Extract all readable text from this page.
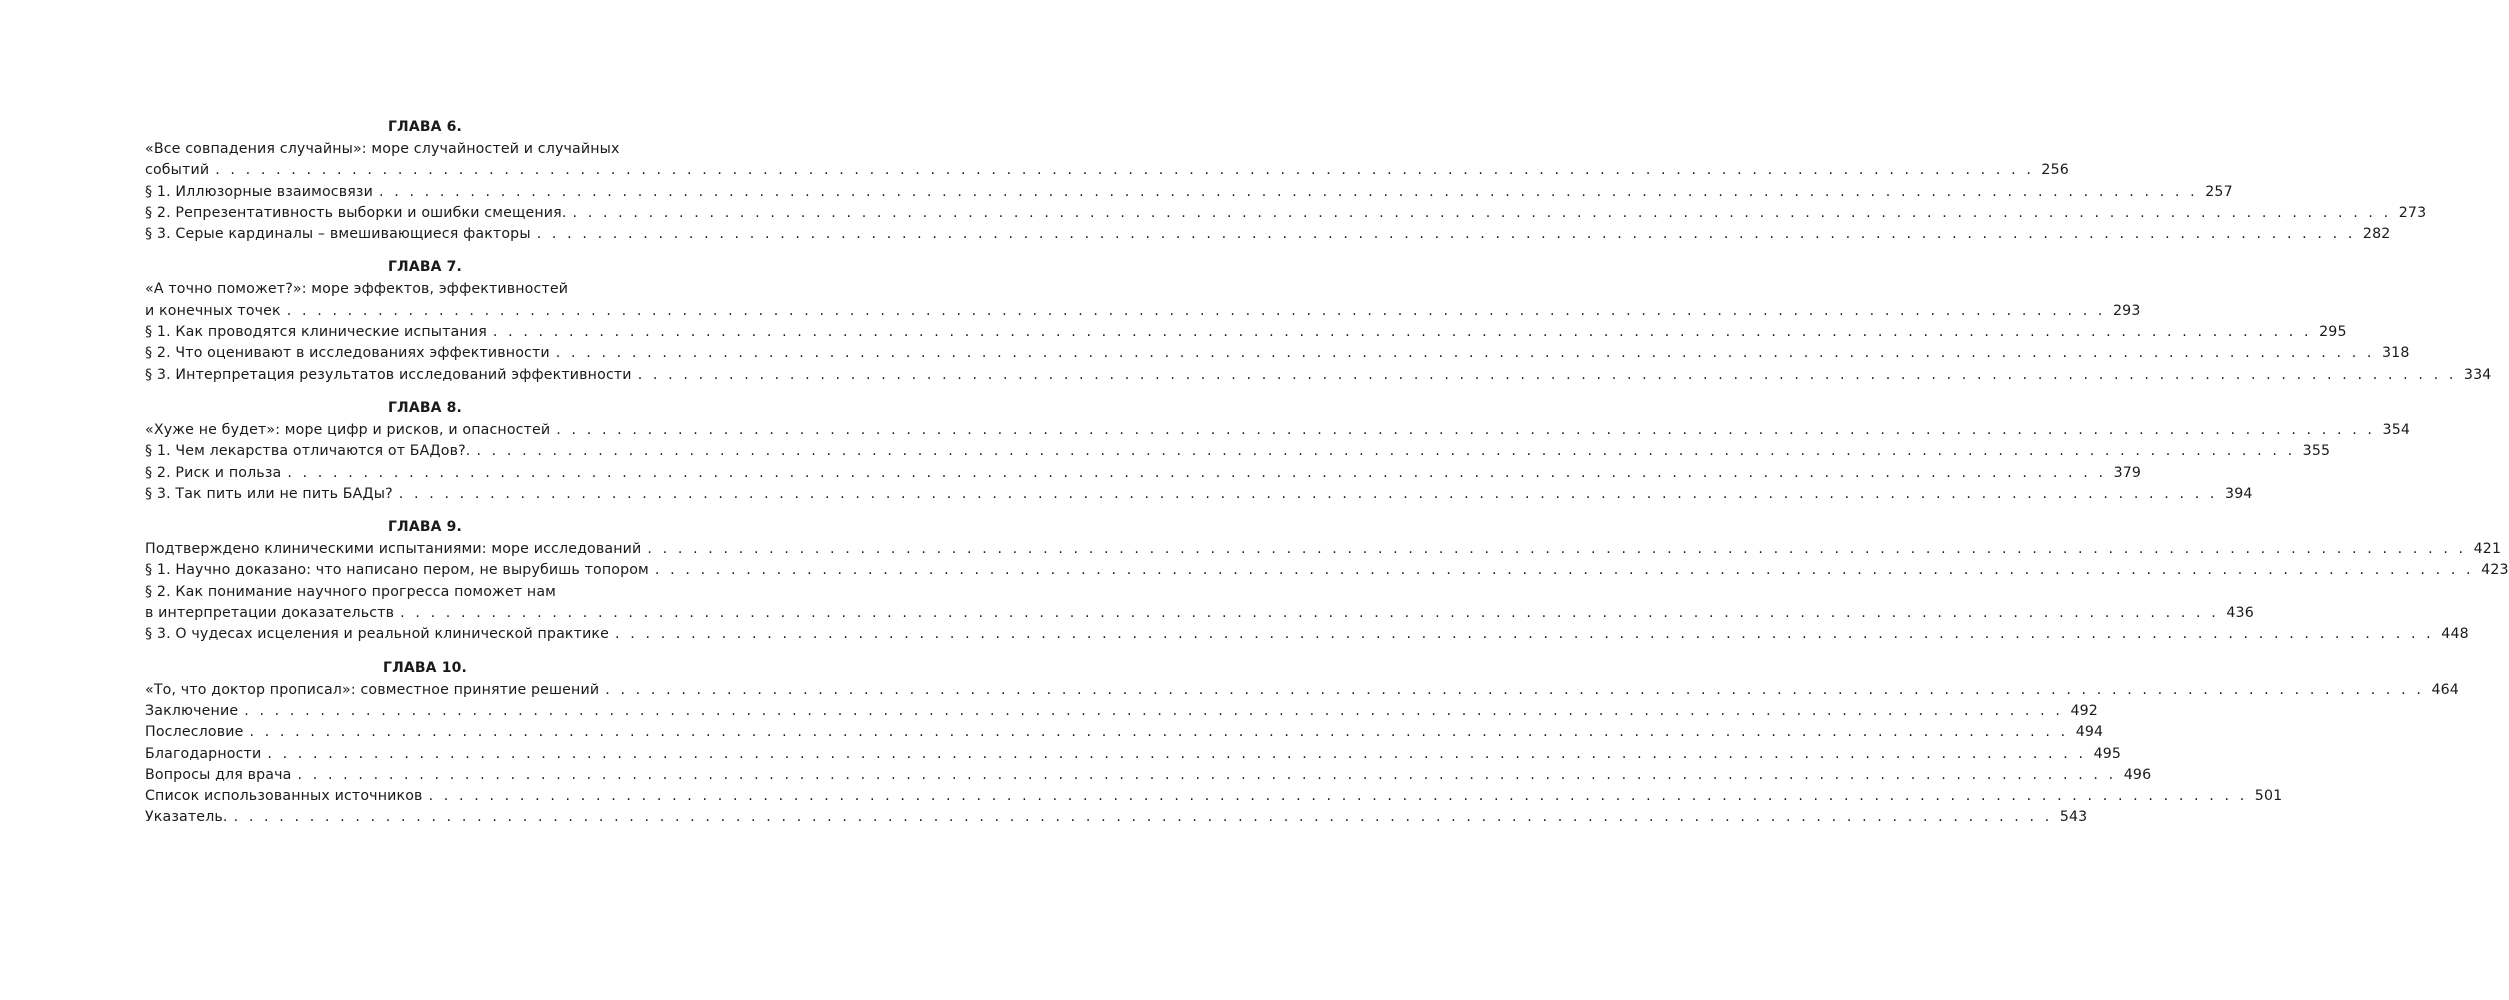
ГЛАВА 6.
«Все совпадения случайны»: море случайностей и случайных
событий . . . . . . . . . . . . . . . . . . . . . . . . . . . . . . . . . . . . . . . . . . . . . . . . . . . . . . . . . . . . . . . . . . . . . . . . . . . . . . . . . . . . . . . . . . . . . . . . . . . . . . . . . . . . . . . . . . . . . . . . 256
§ 1. Иллюзорные взаимосвязи . . . . . . . . . . . . . . . . . . . . . . . . . . . . . . . . . . . . . . . . . . . . . . . . . . . . . . . . . . . . . . . . . . . . . . . . . . . . . . . . . . . . . . . . . . . . . . . . . . . . . . . . . . . . . . . . . . . . . . . . 257
§ 2. Репрезентативность выборки и ошибки смещения. . . . . . . . . . . . . . . . . . . . . . . . . . . . . . . . . . . . . . . . . . . . . . . . . . . . . . . . . . . . . . . . . . . . . . . . . . . . . . . . . . . . . . . . . . . . . . . . . . . . . . . . . . . . . . . . . . . . . . . . . 273
§ 3. Серые кардиналы – вмешивающиеся факторы . . . . . . . . . . . . . . . . . . . . . . . . . . . . . . . . . . . . . . . . . . . . . . . . . . . . . . . . . . . . . . . . . . . . . . . . . . . . . . . . . . . . . . . . . . . . . . . . . . . . . . . . . . . . . . . . . . . . . . . . 282
ГЛАВА 7.
«А точно поможет?»: море эффектов, эффективностей
и конечных точек . . . . . . . . . . . . . . . . . . . . . . . . . . . . . . . . . . . . . . . . . . . . . . . . . . . . . . . . . . . . . . . . . . . . . . . . . . . . . . . . . . . . . . . . . . . . . . . . . . . . . . . . . . . . . . . . . . . . . . . . 293
§ 1. Как проводятся клинические испытания . . . . . . . . . . . . . . . . . . . . . . . . . . . . . . . . . . . . . . . . . . . . . . . . . . . . . . . . . . . . . . . . . . . . . . . . . . . . . . . . . . . . . . . . . . . . . . . . . . . . . . . . . . . . . . . . . . . . . . . . 295
§ 2. Что оценивают в исследованиях эффективности . . . . . . . . . . . . . . . . . . . . . . . . . . . . . . . . . . . . . . . . . . . . . . . . . . . . . . . . . . . . . . . . . . . . . . . . . . . . . . . . . . . . . . . . . . . . . . . . . . . . . . . . . . . . . . . . . . . . . . . . 318
§ 3. Интерпретация результатов исследований эффективности . . . . . . . . . . . . . . . . . . . . . . . . . . . . . . . . . . . . . . . . . . . . . . . . . . . . . . . . . . . . . . . . . . . . . . . . . . . . . . . . . . . . . . . . . . . . . . . . . . . . . . . . . . . . . . . . . . . . . . . . 334
ГЛАВА 8.
«Хуже не будет»: море цифр и рисков, и опасностей . . . . . . . . . . . . . . . . . . . . . . . . . . . . . . . . . . . . . . . . . . . . . . . . . . . . . . . . . . . . . . . . . . . . . . . . . . . . . . . . . . . . . . . . . . . . . . . . . . . . . . . . . . . . . . . . . . . . . . . . 354
§ 1. Чем лекарства отличаются от БАДов?. . . . . . . . . . . . . . . . . . . . . . . . . . . . . . . . . . . . . . . . . . . . . . . . . . . . . . . . . . . . . . . . . . . . . . . . . . . . . . . . . . . . . . . . . . . . . . . . . . . . . . . . . . . . . . . . . . . . . . . . . 355
§ 2. Риск и польза . . . . . . . . . . . . . . . . . . . . . . . . . . . . . . . . . . . . . . . . . . . . . . . . . . . . . . . . . . . . . . . . . . . . . . . . . . . . . . . . . . . . . . . . . . . . . . . . . . . . . . . . . . . . . . . . . . . . . . . . 379
§ 3. Так пить или не пить БАДы? . . . . . . . . . . . . . . . . . . . . . . . . . . . . . . . . . . . . . . . . . . . . . . . . . . . . . . . . . . . . . . . . . . . . . . . . . . . . . . . . . . . . . . . . . . . . . . . . . . . . . . . . . . . . . . . . . . . . . . . . 394
ГЛАВА 9.
Подтверждено клиническими испытаниями: море исследований . . . . . . . . . . . . . . . . . . . . . . . . . . . . . . . . . . . . . . . . . . . . . . . . . . . . . . . . . . . . . . . . . . . . . . . . . . . . . . . . . . . . . . . . . . . . . . . . . . . . . . . . . . . . . . . . . . . . . . . . 421
§ 1. Научно доказано: что написано пером, не вырубишь топором . . . . . . . . . . . . . . . . . . . . . . . . . . . . . . . . . . . . . . . . . . . . . . . . . . . . . . . . . . . . . . . . . . . . . . . . . . . . . . . . . . . . . . . . . . . . . . . . . . . . . . . . . . . . . . . . . . . . . . . . 423
§ 2. Как понимание научного прогресса поможет нам
в интерпретации доказательств . . . . . . . . . . . . . . . . . . . . . . . . . . . . . . . . . . . . . . . . . . . . . . . . . . . . . . . . . . . . . . . . . . . . . . . . . . . . . . . . . . . . . . . . . . . . . . . . . . . . . . . . . . . . . . . . . . . . . . . . 436
§ 3. О чудесах исцеления и реальной клинической практике . . . . . . . . . . . . . . . . . . . . . . . . . . . . . . . . . . . . . . . . . . . . . . . . . . . . . . . . . . . . . . . . . . . . . . . . . . . . . . . . . . . . . . . . . . . . . . . . . . . . . . . . . . . . . . . . . . . . . . . . 448
ГЛАВА 10.
«То, что доктор прописал»: совместное принятие решений . . . . . . . . . . . . . . . . . . . . . . . . . . . . . . . . . . . . . . . . . . . . . . . . . . . . . . . . . . . . . . . . . . . . . . . . . . . . . . . . . . . . . . . . . . . . . . . . . . . . . . . . . . . . . . . . . . . . . . . . 464
Заключение . . . . . . . . . . . . . . . . . . . . . . . . . . . . . . . . . . . . . . . . . . . . . . . . . . . . . . . . . . . . . . . . . . . . . . . . . . . . . . . . . . . . . . . . . . . . . . . . . . . . . . . . . . . . . . . . . . . . . . . . 492
Послесловие . . . . . . . . . . . . . . . . . . . . . . . . . . . . . . . . . . . . . . . . . . . . . . . . . . . . . . . . . . . . . . . . . . . . . . . . . . . . . . . . . . . . . . . . . . . . . . . . . . . . . . . . . . . . . . . . . . . . . . . . 494
Благодарности . . . . . . . . . . . . . . . . . . . . . . . . . . . . . . . . . . . . . . . . . . . . . . . . . . . . . . . . . . . . . . . . . . . . . . . . . . . . . . . . . . . . . . . . . . . . . . . . . . . . . . . . . . . . . . . . . . . . . . . . 495
Вопросы для врача . . . . . . . . . . . . . . . . . . . . . . . . . . . . . . . . . . . . . . . . . . . . . . . . . . . . . . . . . . . . . . . . . . . . . . . . . . . . . . . . . . . . . . . . . . . . . . . . . . . . . . . . . . . . . . . . . . . . . . . . 496
Список использованных источников . . . . . . . . . . . . . . . . . . . . . . . . . . . . . . . . . . . . . . . . . . . . . . . . . . . . . . . . . . . . . . . . . . . . . . . . . . . . . . . . . . . . . . . . . . . . . . . . . . . . . . . . . . . . . . . . . . . . . . . . 501
Указатель. . . . . . . . . . . . . . . . . . . . . . . . . . . . . . . . . . . . . . . . . . . . . . . . . . . . . . . . . . . . . . . . . . . . . . . . . . . . . . . . . . . . . . . . . . . . . . . . . . . . . . . . . . . . . . . . . . . . . . . . . 543
